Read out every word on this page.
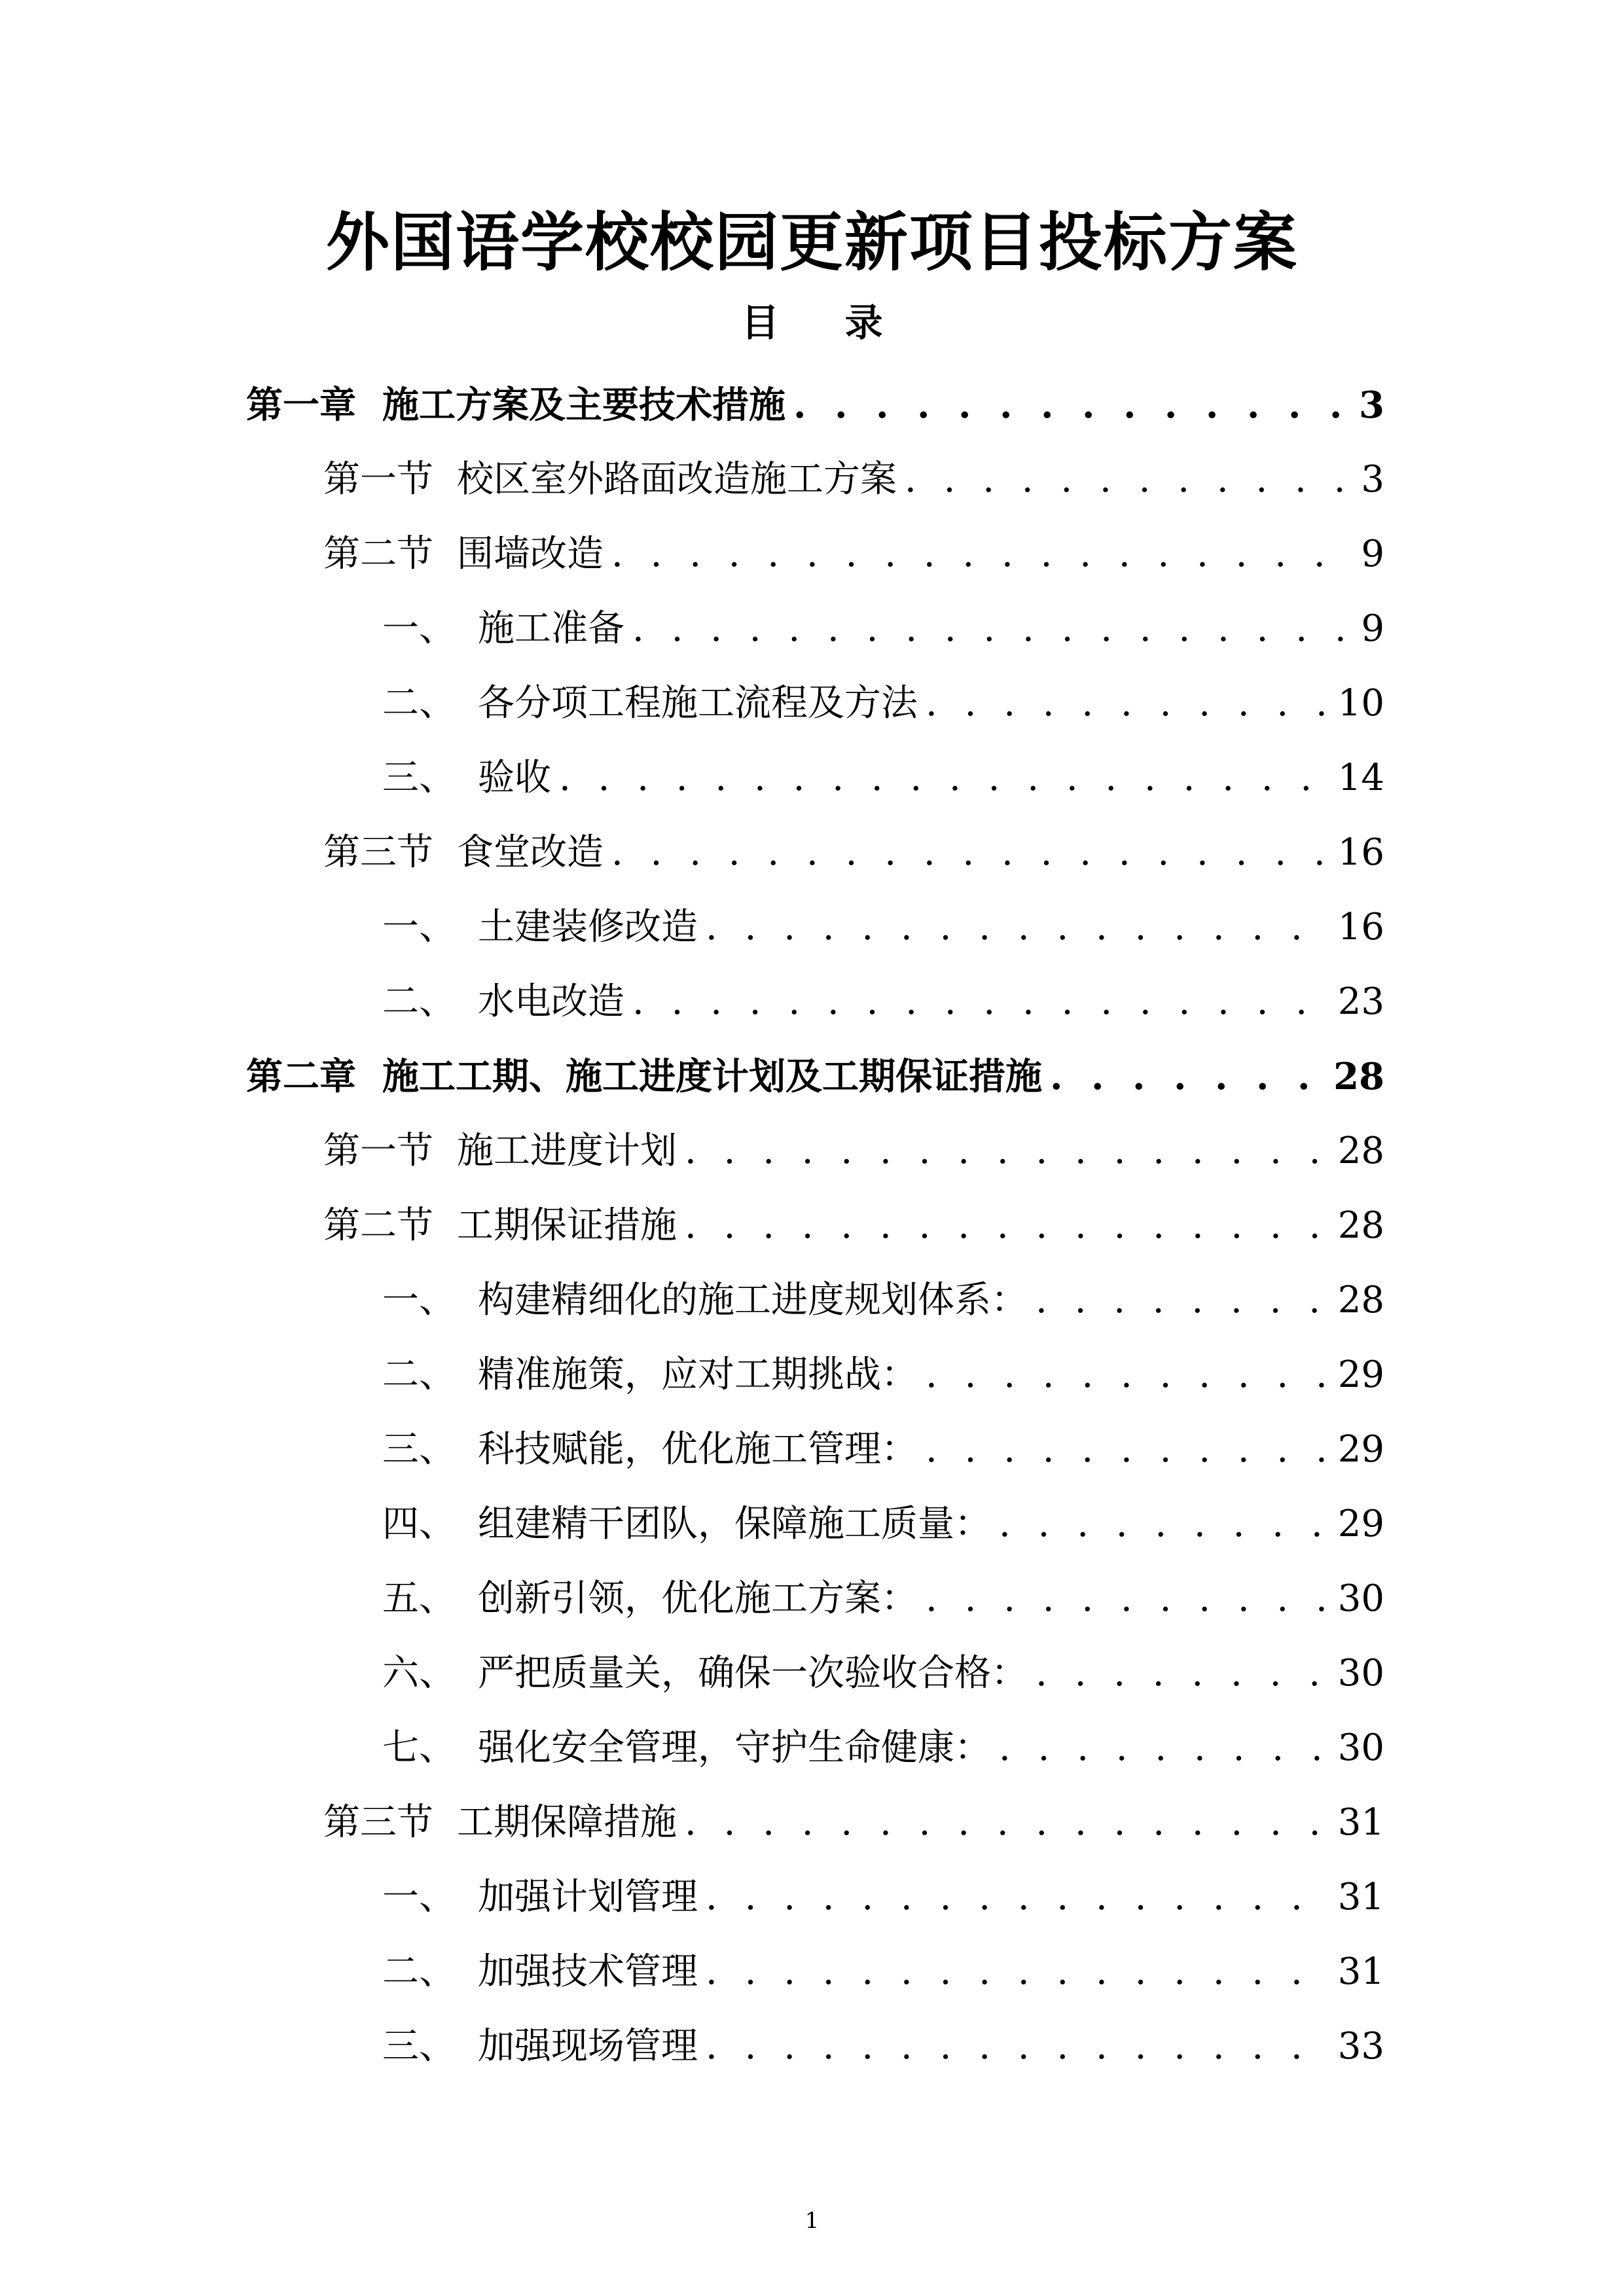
外国语学校校园更新项目投标方案
目 录
第一章 施工方案及主要技术措施 . . .	3
第一节 校区室外路面改造施工方案 . . .	3
第二节 围墙改造 . . .	9
一、 施工准备 . . .	9
二、 各分项工程施工流程及方法 . . .	10
三、 验收 . . .	14
第三节 食堂改造 . . .	16
一、 土建装修改造 . . .	16
二、 水电改造 . . .	23
第二章 施工工期、施工进度计划及工期保证措施 . . .	28
第一节 施工进度计划 . . .	28
第二节 工期保证措施 . . .	28
一、 构建精细化的施工进度规划体系： . . .	28
二、 精准施策，应对工期挑战： . . .	29
三、 科技赋能，优化施工管理： . . .	29
四、 组建精干团队，保障施工质量： . . .	29
五、 创新引领，优化施工方案： . . .	30
六、 严把质量关，确保一次验收合格： . . .	30
七、 强化安全管理，守护生命健康： . . .	30
第三节 工期保障措施 . . .	31
一、 加强计划管理 . . .	31
二、 加强技术管理 . . .	31
三、 加强现场管理 . . .	33
1
